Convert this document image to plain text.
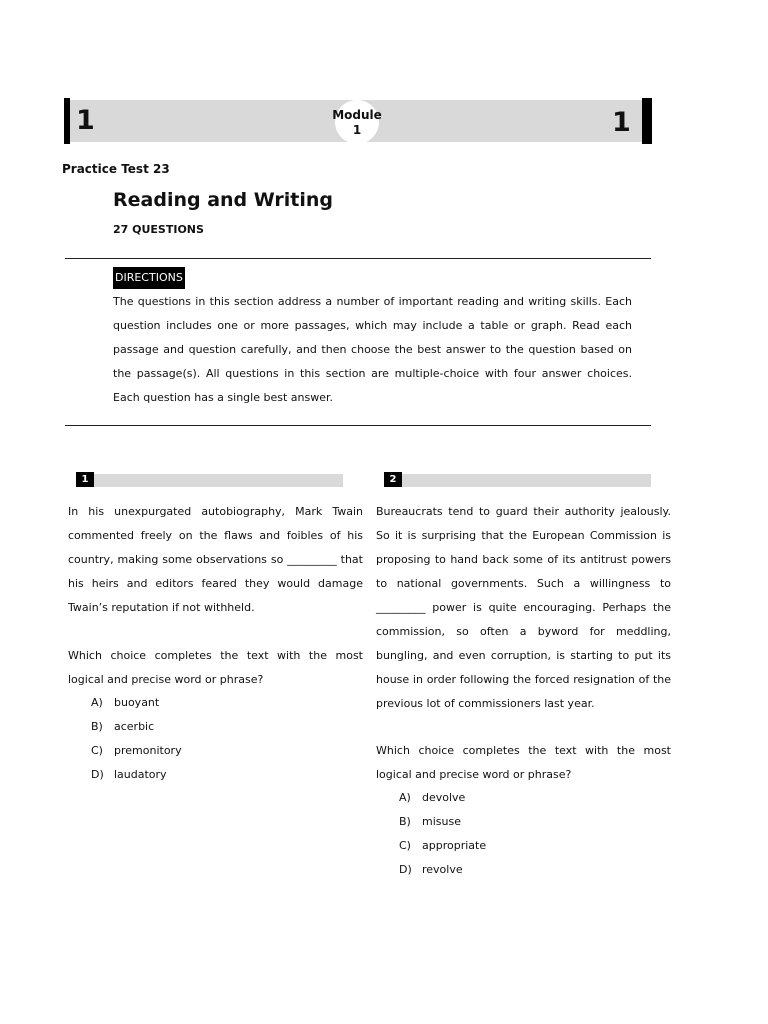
1	1
Module
1
Practice Test 23
Reading and Writing
27 QUESTIONS
DIRECTIONS

The questions in this section address a number of important reading and writing skills. Each question includes one or more passages, which may include a table or graph. Read each passage and question carefully, and then choose the best answer to the question based on the passage(s). All questions in this section are multiple-choice with four answer choices. Each question has a single best answer.

1

In his unexpurgated autobiography, Mark Twain commented freely on the flaws and foibles of his country, making some observations so _________ that his heirs and editors feared they would damage Twain’s reputation if not withheld.

Which choice completes the text with the most logical and precise word or phrase?

A) buoyant
B) acerbic
C) premonitory
D) laudatory
2

Bureaucrats tend to guard their authority jealously. So it is surprising that the European Commission is proposing to hand back some of its antitrust powers to national governments. Such a willingness to _________ power is quite encouraging. Perhaps the commission, so often a byword for meddling, bungling, and even corruption, is starting to put its house in order following the forced resignation of the previous lot of commissioners last year.

Which choice completes the text with the most logical and precise word or phrase?

A) devolve
B) misuse
C) appropriate
D) revolve
